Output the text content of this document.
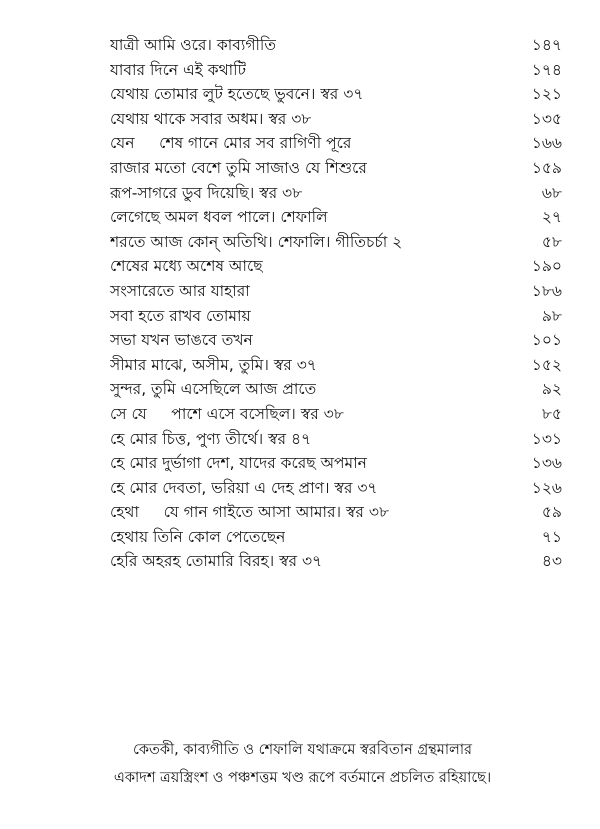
যাত্রী আমি ওরে। কাব্যগীতি	১৪৭
যাবার দিনে এই কথাটি	১৭৪
যেথায় তোমার লুট হতেছে ভুবনে। স্বর ৩৭	১২১
যেথায় থাকে সবার অধম। স্বর ৩৮	১৩৫
যেন     শেষ গানে মোর সব রাগিণী পূরে	১৬৬
রাজার মতো বেশে তুমি সাজাও যে শিশুরে	১৫৯
রূপ-সাগরে ডুব দিয়েছি। স্বর ৩৮	৬৮
লেগেছে অমল ধবল পালে। শেফালি	২৭
শরতে আজ কোন্ অতিথি। শেফালি। গীতিচর্চা ২	৫৮
শেষের মধ্যে অশেষ আছে	১৯০
সংসারেতে আর যাহারা	১৮৬
সবা হতে রাখব তোমায়	৯৮
সভা যখন ভাঙবে তখন	১০১
সীমার মাঝে, অসীম, তুমি। স্বর ৩৭	১৫২
সুন্দর, তুমি এসেছিলে আজ প্রাতে	৯২
সে যে     পাশে এসে বসেছিল। স্বর ৩৮	৮৫
হে মোর চিত্ত, পুণ্য তীর্থে। স্বর ৪৭	১৩১
হে মোর দুর্ভাগা দেশ, যাদের করেছ অপমান	১৩৬
হে মোর দেবতা, ভরিয়া এ দেহ প্রাণ। স্বর ৩৭	১২৬
হেথা     যে গান গাইতে আসা আমার। স্বর ৩৮	৫৯
হেথায় তিনি কোল পেতেছেন	৭১
হেরি অহরহ তোমারি বিরহ। স্বর ৩৭	৪৩

কেতকী, কাব্যগীতি ও শেফালি যথাক্রমে স্বরবিতান গ্রন্থমালার
একাদশ ত্রয়স্ত্রিংশ ও পঞ্চশত্তম খণ্ড রূপে বর্তমানে প্রচলিত রহিয়াছে।
